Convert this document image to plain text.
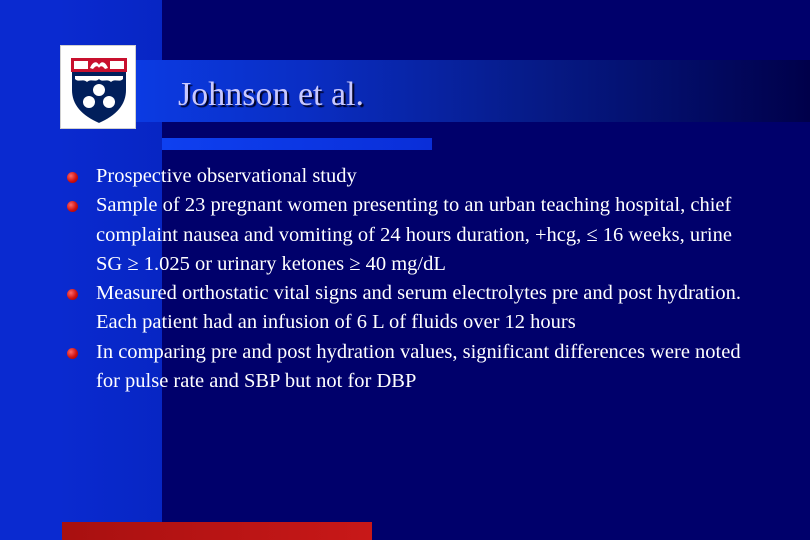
Johnson et al.
Prospective observational study
Sample of 23 pregnant women presenting to an urban teaching hospital, chief complaint nausea and vomiting of 24 hours duration, +hcg, ≤ 16 weeks, urine SG ≥ 1.025 or urinary ketones ≥ 40 mg/dL
Measured orthostatic vital signs and serum electrolytes pre and post hydration. Each patient had an infusion of 6 L of fluids over 12 hours
In comparing pre and post hydration values, significant differences were noted for pulse rate and SBP but not for DBP
